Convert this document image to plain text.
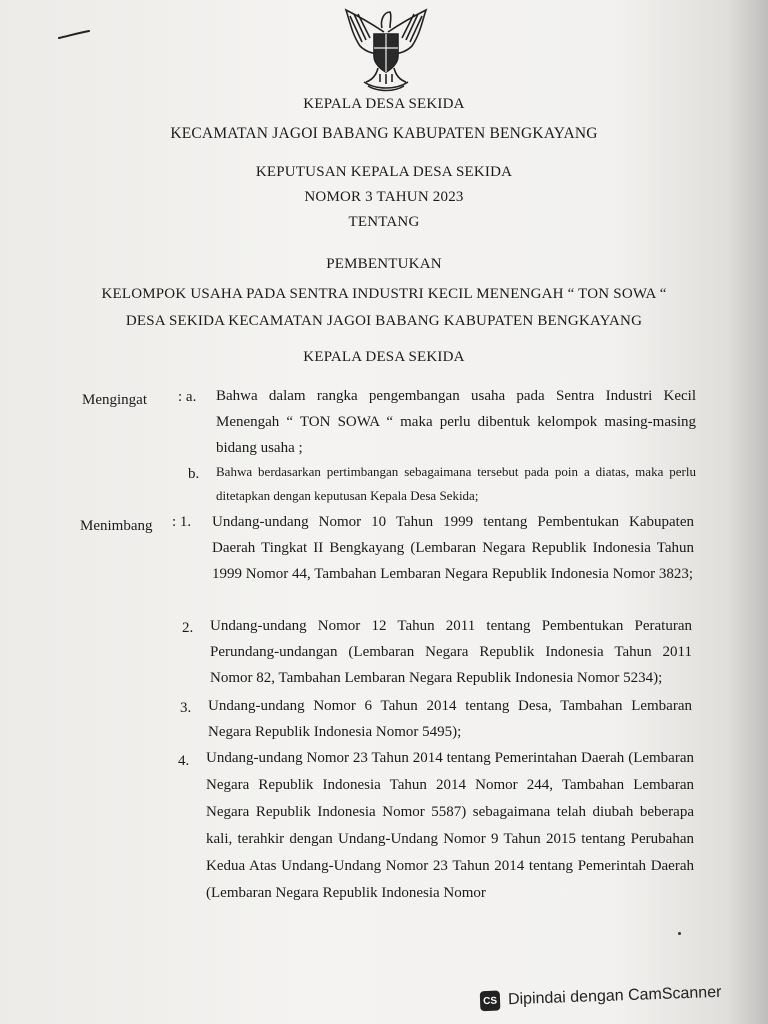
KEPALA DESA SEKIDA
KECAMATAN JAGOI BABANG KABUPATEN BENGKAYANG
KEPUTUSAN KEPALA DESA SEKIDA
NOMOR 3 TAHUN 2023
TENTANG
PEMBENTUKAN
KELOMPOK USAHA PADA SENTRA INDUSTRI KECIL MENENGAH “ TON SOWA “
DESA SEKIDA KECAMATAN JAGOI BABANG KABUPATEN BENGKAYANG
KEPALA DESA SEKIDA
Mengingat : a. Bahwa dalam rangka pengembangan usaha pada Sentra Industri Kecil Menengah “ TON SOWA “ maka perlu dibentuk kelompok masing-masing bidang usaha ;
b. Bahwa berdasarkan pertimbangan sebagaimana tersebut pada poin a diatas, maka perlu ditetapkan dengan keputusan Kepala Desa Sekida;
Menimbang : 1. Undang-undang Nomor 10 Tahun 1999 tentang Pembentukan Kabupaten Daerah Tingkat II Bengkayang (Lembaran Negara Republik Indonesia Tahun 1999 Nomor 44, Tambahan Lembaran Negara Republik Indonesia Nomor 3823;
2. Undang-undang Nomor 12 Tahun 2011 tentang Pembentukan Peraturan Perundang-undangan (Lembaran Negara Republik Indonesia Tahun 2011 Nomor 82, Tambahan Lembaran Negara Republik Indonesia Nomor 5234);
3. Undang-undang Nomor 6 Tahun 2014 tentang Desa, Tambahan Lembaran Negara Republik Indonesia Nomor 5495);
4. Undang-undang Nomor 23 Tahun 2014 tentang Pemerintahan Daerah (Lembaran Negara Republik Indonesia Tahun 2014 Nomor 244, Tambahan Lembaran Negara Republik Indonesia Nomor 5587) sebagaimana telah diubah beberapa kali, terahkir dengan Undang-Undang Nomor 9 Tahun 2015 tentang Perubahan Kedua Atas Undang-Undang Nomor 23 Tahun 2014 tentang Pemerintah Daerah (Lembaran Negara Republik Indonesia Nomor
CS Dipindai dengan CamScanner
